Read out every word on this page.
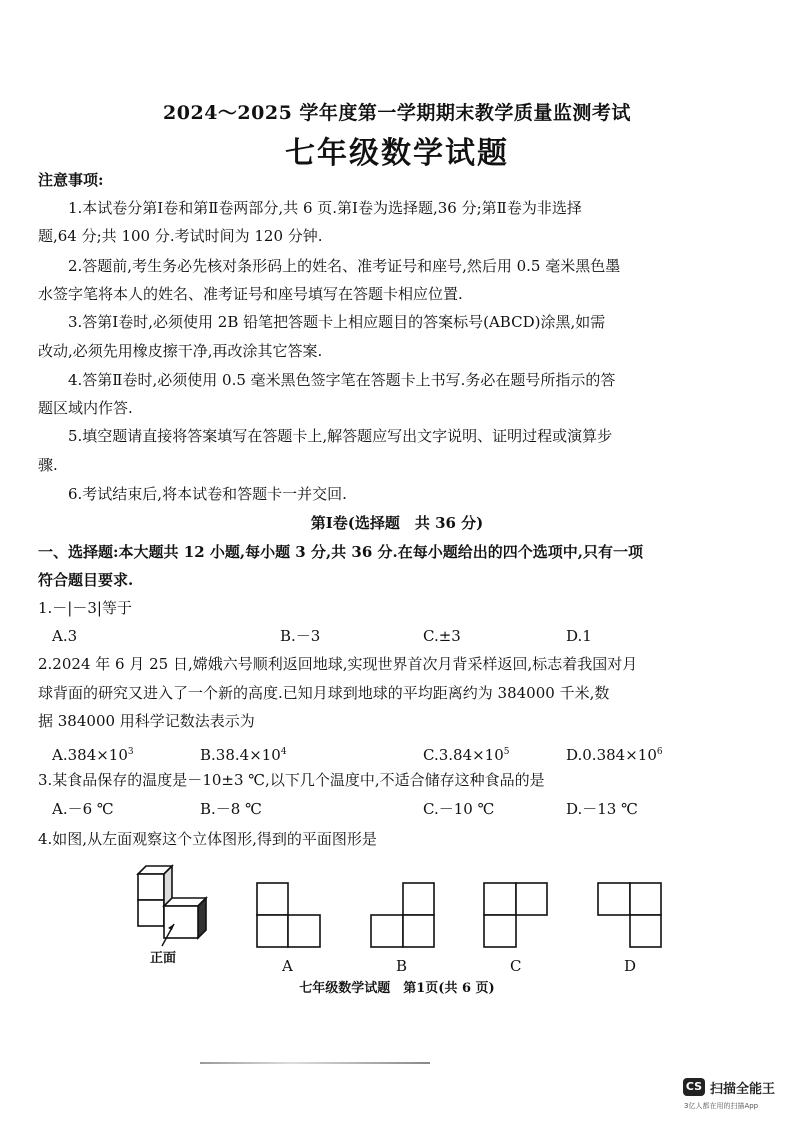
2024～2025 学年度第一学期期末教学质量监测考试
七年级数学试题
注意事项:
1.本试卷分第Ⅰ卷和第Ⅱ卷两部分,共 6 页.第Ⅰ卷为选择题,36 分;第Ⅱ卷为非选择
题,64 分;共 100 分.考试时间为 120 分钟.
2.答题前,考生务必先核对条形码上的姓名、准考证号和座号,然后用 0.5 毫米黑色墨
水签字笔将本人的姓名、准考证号和座号填写在答题卡相应位置.
3.答第Ⅰ卷时,必须使用 2B 铅笔把答题卡上相应题目的答案标号(ABCD)涂黑,如需
改动,必须先用橡皮擦干净,再改涂其它答案.
4.答第Ⅱ卷时,必须使用 0.5 毫米黑色签字笔在答题卡上书写.务必在题号所指示的答
题区域内作答.
5.填空题请直接将答案填写在答题卡上,解答题应写出文字说明、证明过程或演算步
骤.
6.考试结束后,将本试卷和答题卡一并交回.
第Ⅰ卷(选择题　共 36 分)
一、选择题:本大题共 12 小题,每小题 3 分,共 36 分.在每小题给出的四个选项中,只有一项
符合题目要求.
1.－|－3|等于
A.3	B.－3	C.±3	D.1
2.2024 年 6 月 25 日,嫦娥六号顺利返回地球,实现世界首次月背采样返回,标志着我国对月
球背面的研究又进入了一个新的高度.已知月球到地球的平均距离约为 384000 千米,数
据 384000 用科学记数法表示为
$A.384\times 10^3$	$B.38.4\times 10^4$	$C.3.84\times 10^5$	$D.0.384\times 10^6$
3.某食品保存的温度是－10±3 ℃,以下几个温度中,不适合储存这种食品的是
A.－6 ℃	B.－8 ℃	C.－10 ℃	D.－13 ℃
4.如图,从左面观察这个立体图形,得到的平面图形是
正面	A	B	C	D
七年级数学试题　第1页(共 6 页)
CS 扫描全能王
3亿人都在用的扫描App
